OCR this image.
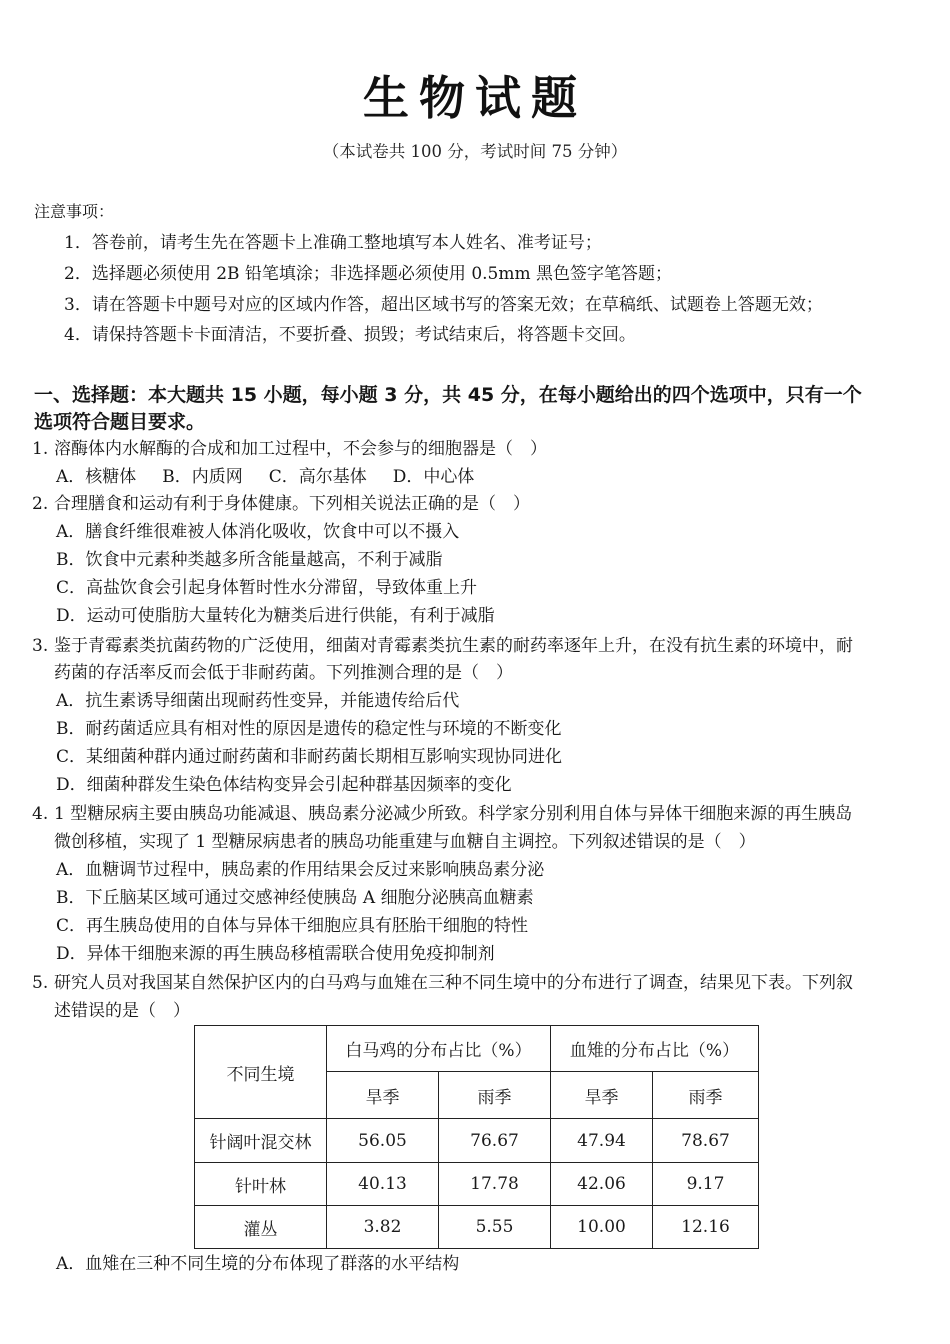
生物试题
（本试卷共 100 分，考试时间 75 分钟）
注意事项：
1．答卷前，请考生先在答题卡上准确工整地填写本人姓名、准考证号；
2．选择题必须使用 2B 铅笔填涂；非选择题必须使用 0.5mm 黑色签字笔答题；
3．请在答题卡中题号对应的区域内作答，超出区域书写的答案无效；在草稿纸、试题卷上答题无效；
4．请保持答题卡卡面清洁，不要折叠、损毁；考试结束后，将答题卡交回。
一、选择题：本大题共 15 小题，每小题 3 分，共 45 分，在每小题给出的四个选项中，只有一个
选项符合题目要求。
1. 溶酶体内水解酶的合成和加工过程中，不会参与的细胞器是（　）
A．核糖体 B．内质网 C．高尔基体 D．中心体
2. 合理膳食和运动有利于身体健康。下列相关说法正确的是（　）
A．膳食纤维很难被人体消化吸收，饮食中可以不摄入
B．饮食中元素种类越多所含能量越高，不利于减脂
C．高盐饮食会引起身体暂时性水分滞留，导致体重上升
D．运动可使脂肪大量转化为糖类后进行供能，有利于减脂
3. 鉴于青霉素类抗菌药物的广泛使用，细菌对青霉素类抗生素的耐药率逐年上升，在没有抗生素的环境中，耐
药菌的存活率反而会低于非耐药菌。下列推测合理的是（　）
A．抗生素诱导细菌出现耐药性变异，并能遗传给后代
B．耐药菌适应具有相对性的原因是遗传的稳定性与环境的不断变化
C．某细菌种群内通过耐药菌和非耐药菌长期相互影响实现协同进化
D．细菌种群发生染色体结构变异会引起种群基因频率的变化
4. 1 型糖尿病主要由胰岛功能减退、胰岛素分泌减少所致。科学家分别利用自体与异体干细胞来源的再生胰岛
微创移植，实现了 1 型糖尿病患者的胰岛功能重建与血糖自主调控。下列叙述错误的是（　）
A．血糖调节过程中，胰岛素的作用结果会反过来影响胰岛素分泌
B．下丘脑某区域可通过交感神经使胰岛 A 细胞分泌胰高血糖素
C．再生胰岛使用的自体与异体干细胞应具有胚胎干细胞的特性
D．异体干细胞来源的再生胰岛移植需联合使用免疫抑制剂
5. 研究人员对我国某自然保护区内的白马鸡与血雉在三种不同生境中的分布进行了调查，结果见下表。下列叙
述错误的是（　）
不同生境	白马鸡的分布占比（%）		血雉的分布占比（%）	
	旱季	雨季	旱季	雨季
针阔叶混交林	56.05	76.67	47.94	78.67
针叶林	40.13	17.78	42.06	9.17
灌丛	3.82	5.55	10.00	12.16
A．血雉在三种不同生境的分布体现了群落的水平结构
